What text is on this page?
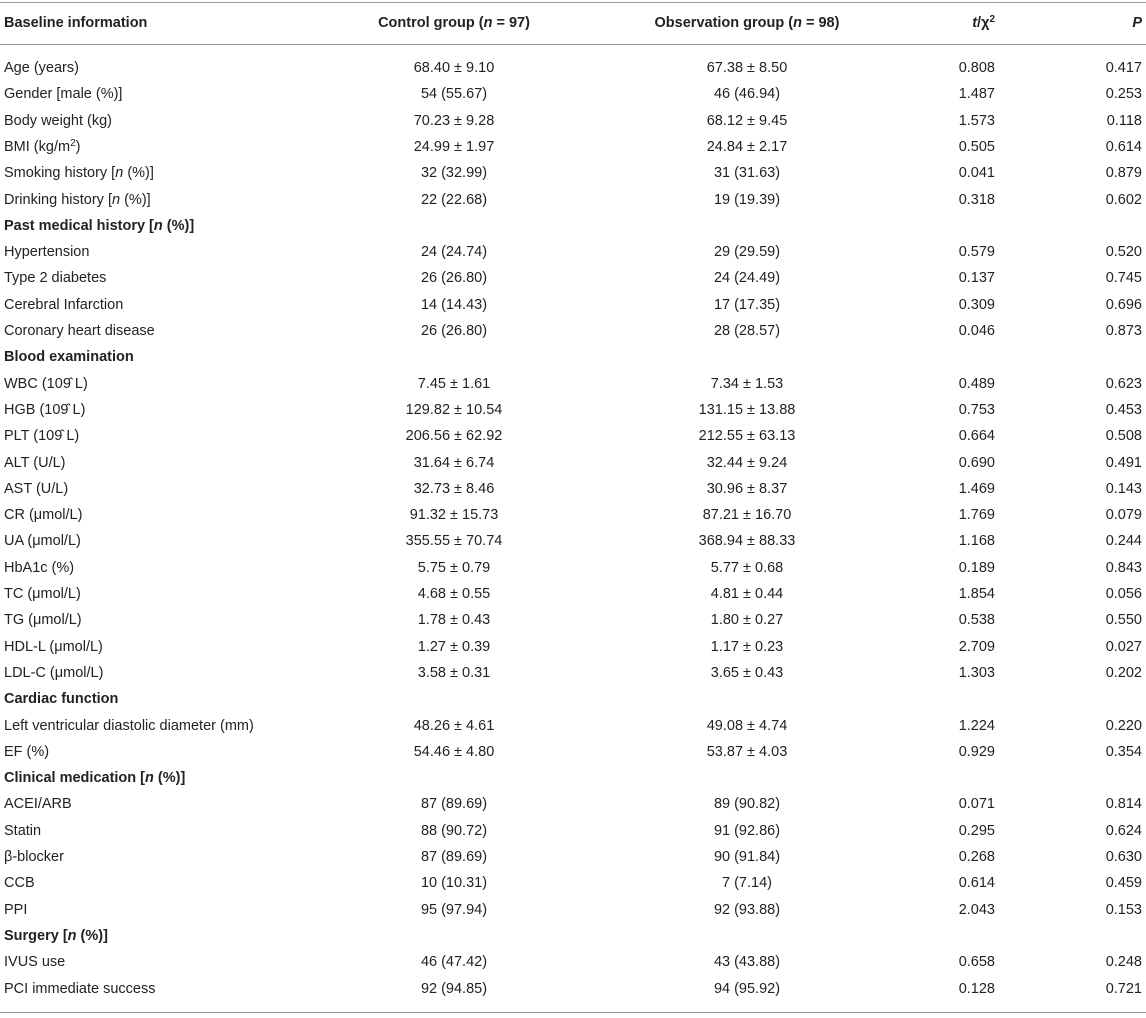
Baseline information	Control group (n = 97)	Observation group (n = 98)	$t/\chi^2$	P
Age (years)	68.40 ± 9.10	67.38 ± 8.50	0.808	0.417
Gender [male (%)]	54 (55.67)	46 (46.94)	1.487	0.253
Body weight (kg)	70.23 ± 9.28	68.12 ± 9.45	1.573	0.118
BMI $(kg/m^2)$	24.99 ± 1.97	24.84 ± 2.17	0.505	0.614
Smoking history [n (%)]	32 (32.99)	31 (31.63)	0.041	0.879
Drinking history [n (%)]	22 (22.68)	19 (19.39)	0.318	0.602
Past medical history [n (%)]
Hypertension	24 (24.74)	29 (29.59)	0.579	0.520
Type 2 diabetes	26 (26.80)	24 (24.49)	0.137	0.745
Cerebral Infarction	14 (14.43)	17 (17.35)	0.309	0.696
Coronary heart disease	26 (26.80)	28 (28.57)	0.046	0.873
Blood examination
WBC (109̂ L)	7.45 ± 1.61	7.34 ± 1.53	0.489	0.623
HGB (109̂ L)	129.82 ± 10.54	131.15 ± 13.88	0.753	0.453
PLT (109̂ L)	206.56 ± 62.92	212.55 ± 63.13	0.664	0.508
ALT (U/L)	31.64 ± 6.74	32.44 ± 9.24	0.690	0.491
AST (U/L)	32.73 ± 8.46	30.96 ± 8.37	1.469	0.143
CR (μmol/L)	91.32 ± 15.73	87.21 ± 16.70	1.769	0.079
UA (μmol/L)	355.55 ± 70.74	368.94 ± 88.33	1.168	0.244
HbA1c (%)	5.75 ± 0.79	5.77 ± 0.68	0.189	0.843
TC (μmol/L)	4.68 ± 0.55	4.81 ± 0.44	1.854	0.056
TG (μmol/L)	1.78 ± 0.43	1.80 ± 0.27	0.538	0.550
HDL-L (μmol/L)	1.27 ± 0.39	1.17 ± 0.23	2.709	0.027
LDL-C (μmol/L)	3.58 ± 0.31	3.65 ± 0.43	1.303	0.202
Cardiac function
Left ventricular diastolic diameter (mm)	48.26 ± 4.61	49.08 ± 4.74	1.224	0.220
EF (%)	54.46 ± 4.80	53.87 ± 4.03	0.929	0.354
Clinical medication [n (%)]
ACEI/ARB	87 (89.69)	89 (90.82)	0.071	0.814
Statin	88 (90.72)	91 (92.86)	0.295	0.624
β-blocker	87 (89.69)	90 (91.84)	0.268	0.630
CCB	10 (10.31)	7 (7.14)	0.614	0.459
PPI	95 (97.94)	92 (93.88)	2.043	0.153
Surgery [n (%)]
IVUS use	46 (47.42)	43 (43.88)	0.658	0.248
PCI immediate success	92 (94.85)	94 (95.92)	0.128	0.721
